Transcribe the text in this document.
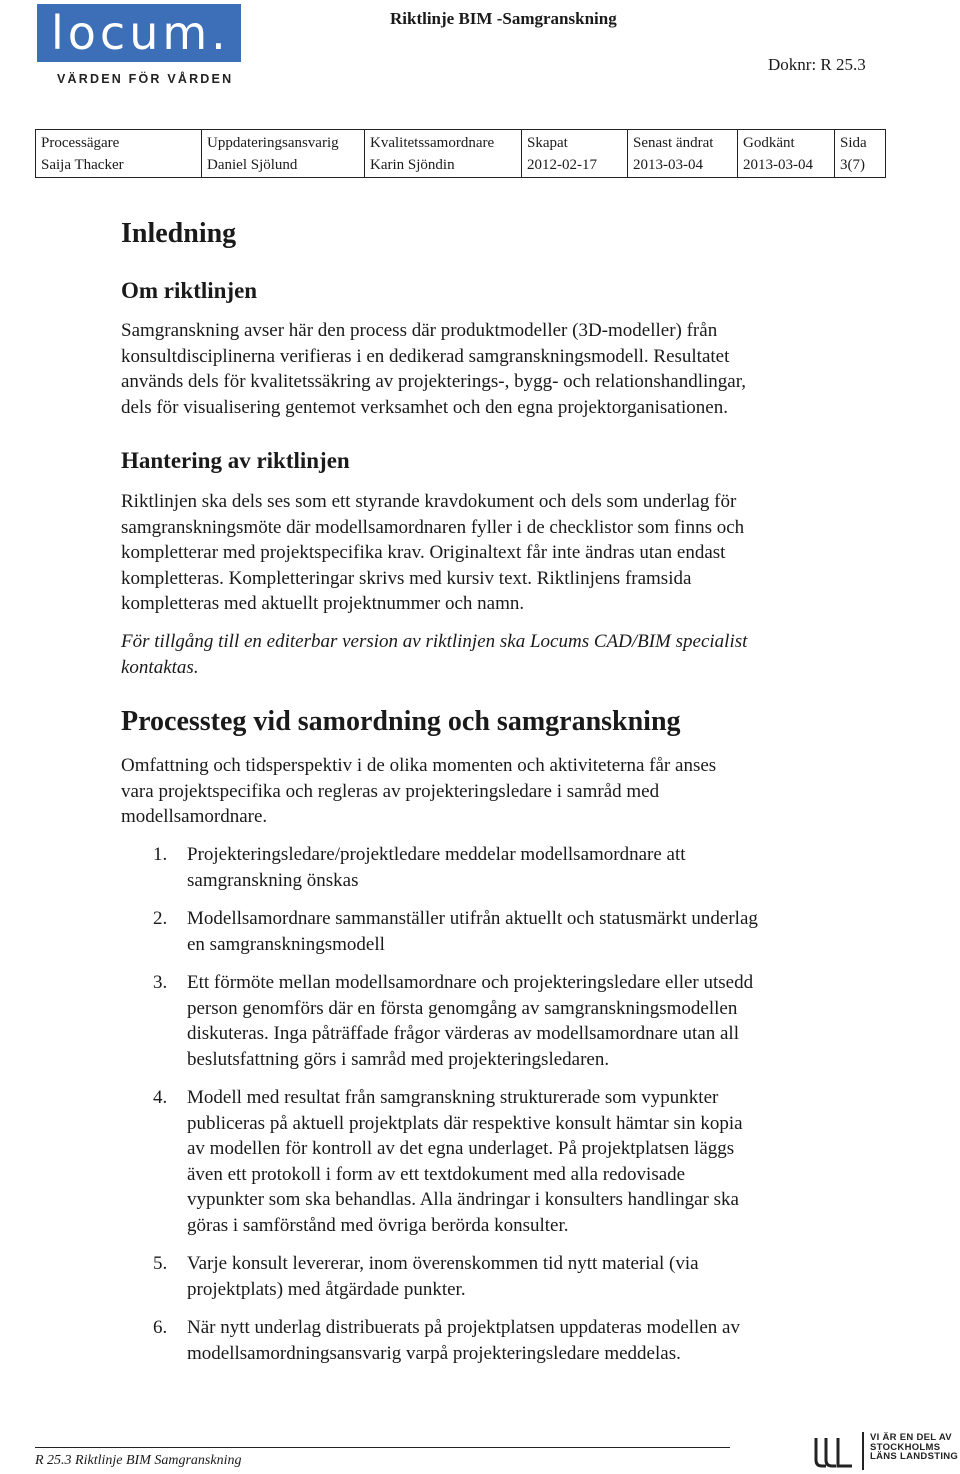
locum.
VÄRDEN FÖR VÅRDEN
Riktlinje BIM -Samgranskning
Doknr: R 25.3
Processägare
Saija Thacker
Uppdateringsansvarig
Daniel Sjölund
Kvalitetssamordnare
Karin Sjöndin
Skapat
2012-02-17
Senast ändrat
2013-03-04
Godkänt
2013-03-04
Sida
3(7)
Inledning
Om riktlinjen
Samgranskning avser här den process där produktmodeller (3D-modeller) från
konsultdisciplinerna verifieras i en dedikerad samgranskningsmodell. Resultatet
används dels för kvalitetssäkring av projekterings-, bygg- och relationshandlingar,
dels för visualisering gentemot verksamhet och den egna projektorganisationen.
Hantering av riktlinjen
Riktlinjen ska dels ses som ett styrande kravdokument och dels som underlag för
samgranskningsmöte där modellsamordnaren fyller i de checklistor som finns och
kompletterar med projektspecifika krav. Originaltext får inte ändras utan endast
kompletteras. Kompletteringar skrivs med kursiv text. Riktlinjens framsida
kompletteras med aktuellt projektnummer och namn.
För tillgång till en editerbar version av riktlinjen ska Locums CAD/BIM specialist
kontaktas.
Processteg vid samordning och samgranskning
Omfattning och tidsperspektiv i de olika momenten och aktiviteterna får anses
vara projektspecifika och regleras av projekteringsledare i samråd med
modellsamordnare.
1. Projekteringsledare/projektledare meddelar modellsamordnare att
samgranskning önskas
2. Modellsamordnare sammanställer utifrån aktuellt och statusmärkt underlag
en samgranskningsmodell
3. Ett förmöte mellan modellsamordnare och projekteringsledare eller utsedd
person genomförs där en första genomgång av samgranskningsmodellen
diskuteras. Inga påträffade frågor värderas av modellsamordnare utan all
beslutsfattning görs i samråd med projekteringsledaren.
4. Modell med resultat från samgranskning strukturerade som vypunkter
publiceras på aktuell projektplats där respektive konsult hämtar sin kopia
av modellen för kontroll av det egna underlaget. På projektplatsen läggs
även ett protokoll i form av ett textdokument med alla redovisade
vypunkter som ska behandlas. Alla ändringar i konsulters handlingar ska
göras i samförstånd med övriga berörda konsulter.
5. Varje konsult levererar, inom överenskommen tid nytt material (via
projektplats) med åtgärdade punkter.
6. När nytt underlag distribuerats på projektplatsen uppdateras modellen av
modellsamordningsansvarig varpå projekteringsledare meddelas.
R 25.3 Riktlinje BIM Samgranskning
VI ÄR EN DEL AV
STOCKHOLMS
LÄNS LANDSTING
